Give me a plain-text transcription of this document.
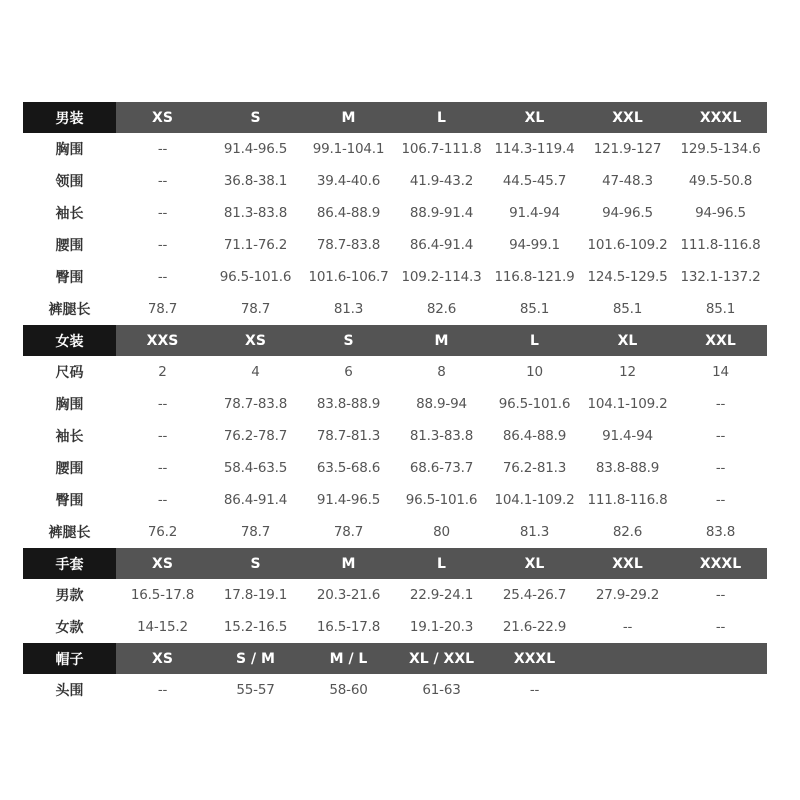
男装	XS	S	M	L	XL	XXL	XXXL
胸围	--	91.4-96.5	99.1-104.1	106.7-111.8 114.3-119.4	121.9-127	129.5-134.6
领围	--	36.8-38.1	39.4-40.6	41.9-43.2	44.5-45.7	47-48.3	49.5-50.8
袖长	--	81.3-83.8	86.4-88.9	88.9-91.4	91.4-94	94-96.5	94-96.5
腰围	--	71.1-76.2	78.7-83.8	86.4-91.4	94-99.1	101.6-109.2 111.8-116.8
臀围	--	96.5-101.6	101.6-106.7 109.2-114.3 116.8-121.9 124.5-129.5 132.1-137.2
裤腿长	78.7	78.7	81.3	82.6	85.1	85.1	85.1
女装	XXS	XS	S	M	L	XL	XXL
尺码	2	4	6	8	10	12	14
胸围	--	78.7-83.8	83.8-88.9	88.9-94	96.5-101.6	104.1-109.2	--
袖长	--	76.2-78.7	78.7-81.3	81.3-83.8	86.4-88.9	91.4-94	--
腰围	--	58.4-63.5	63.5-68.6	68.6-73.7	76.2-81.3	83.8-88.9	--
臀围	--	86.4-91.4	91.4-96.5	96.5-101.6	104.1-109.2 111.8-116.8	--
裤腿长	76.2	78.7	78.7	80	81.3	82.6	83.8
手套	XS	S	M	L	XL	XXL	XXXL
男款	16.5-17.8	17.8-19.1	20.3-21.6	22.9-24.1	25.4-26.7	27.9-29.2	--
女款	14-15.2	15.2-16.5	16.5-17.8	19.1-20.3	21.6-22.9	--	--
帽子	XS	S / M	M / L	XL / XXL	XXXL
头围	--	55-57	58-60	61-63	--
